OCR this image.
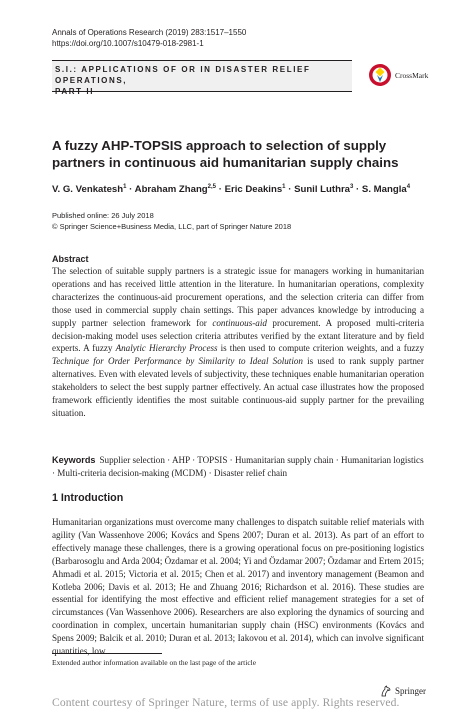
Annals of Operations Research (2019) 283:1517–1550
https://doi.org/10.1007/s10479-018-2981-1
S.I.: APPLICATIONS OF OR IN DISASTER RELIEF OPERATIONS,
PART II
CrossMark
A fuzzy AHP-TOPSIS approach to selection of supply partners in continuous aid humanitarian supply chains
V. G. Venkatesh$^1$ · Abraham Zhang$^{2,5}$ · Eric Deakins$^1$ · Sunil Luthra$^3$ · S. Mangla$^4$
Published online: 26 July 2018
© Springer Science+Business Media, LLC, part of Springer Nature 2018
Abstract
The selection of suitable supply partners is a strategic issue for managers working in humanitarian operations and has received little attention in the literature. In humanitarian operations, complexity characterizes the continuous-aid procurement operations, and the selection criteria can differ from those used in commercial supply chain settings. This paper advances knowledge by introducing a supply partner selection framework for continuous-aid procurement. A proposed multi-criteria decision-making model uses selection criteria attributes verified by the extant literature and by field experts. A fuzzy Analytic Hierarchy Process is then used to compute criterion weights, and a fuzzy Technique for Order Performance by Similarity to Ideal Solution is used to rank supply partner alternatives. Even with elevated levels of subjectivity, these techniques enable humanitarian operation stakeholders to select the best supply partner effectively. An actual case illustrates how the proposed framework efficiently identifies the most suitable continuous-aid supply partner for the prevailing situation.
Keywords Supplier selection · AHP · TOPSIS · Humanitarian supply chain · Humanitarian logistics · Multi-criteria decision-making (MCDM) · Disaster relief chain
1 Introduction
Humanitarian organizations must overcome many challenges to dispatch suitable relief materials with agility (Van Wassenhove 2006; Kovács and Spens 2007; Duran et al. 2013). As part of an effort to effectively manage these challenges, there is a growing operational focus on pre-positioning logistics (Barbarosoglu and Arda 2004; Özdamar et al. 2004; Yi and Özdamar 2007; Özdamar and Ertem 2015; Ahmadi et al. 2015; Victoria et al. 2015; Chen et al. 2017) and inventory management (Beamon and Kotleba 2006; Davis et al. 2013; He and Zhuang 2016; Richardson et al. 2016). These studies are essential for identifying the most effective and efficient relief management strategies for a set of circumstances (Van Wassenhove 2006). Researchers are also exploring the dynamics of sourcing and coordination in complex, uncertain humanitarian supply chain (HSC) environments (Kovács and Spens 2009; Balcik et al. 2010; Duran et al. 2013; Iakovou et al. 2014), which can involve significant quantities, low
Extended author information available on the last page of the article
Springer
Content courtesy of Springer Nature, terms of use apply. Rights reserved.
